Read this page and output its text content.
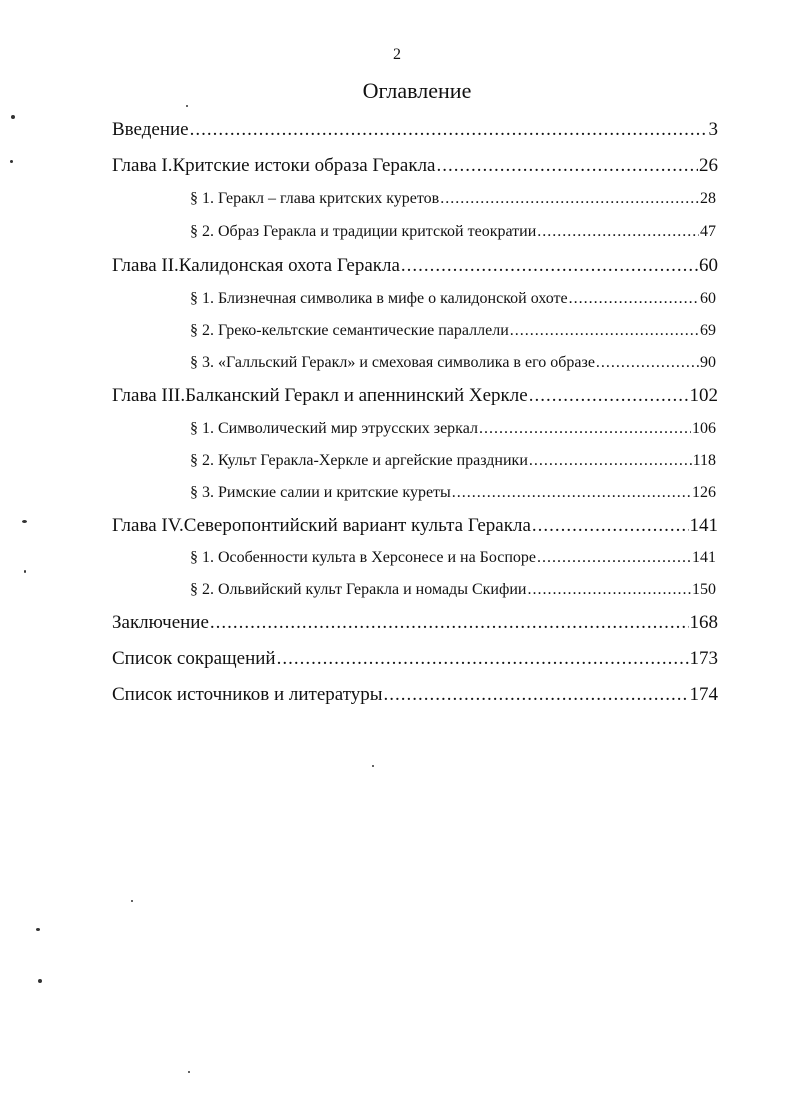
2
Оглавление
Введение .....	3
Глава I.Критские истоки образа Геракла .....	26
§ 1. Геракл – глава критских куретов .....	28
§ 2. Образ Геракла и традиции критской теократии .....	47
Глава II.Калидонская охота Геракла .....	60
§ 1. Близнечная символика в мифе о калидонской охоте .....	60
§ 2. Греко-кельтские семантические параллели .....	69
§ 3. «Галльский Геракл» и смеховая символика в его образе .....	90
Глава III.Балканский Геракл и апеннинский Херкле .....	102
§ 1. Символический мир этрусских зеркал .....	106
§ 2. Культ Геракла-Херкле и аргейские праздники .....	118
§ 3. Римские салии и критские куреты .....	126
Глава IV.Северопонтийский вариант культа Геракла .....	141
§ 1. Особенности культа в Херсонесе и на Боспоре .....	141
§ 2. Ольвийский культ Геракла и номады Скифии .....	150
Заключение .....	168
Список сокращений .....	173
Список источников и литературы .....	174
